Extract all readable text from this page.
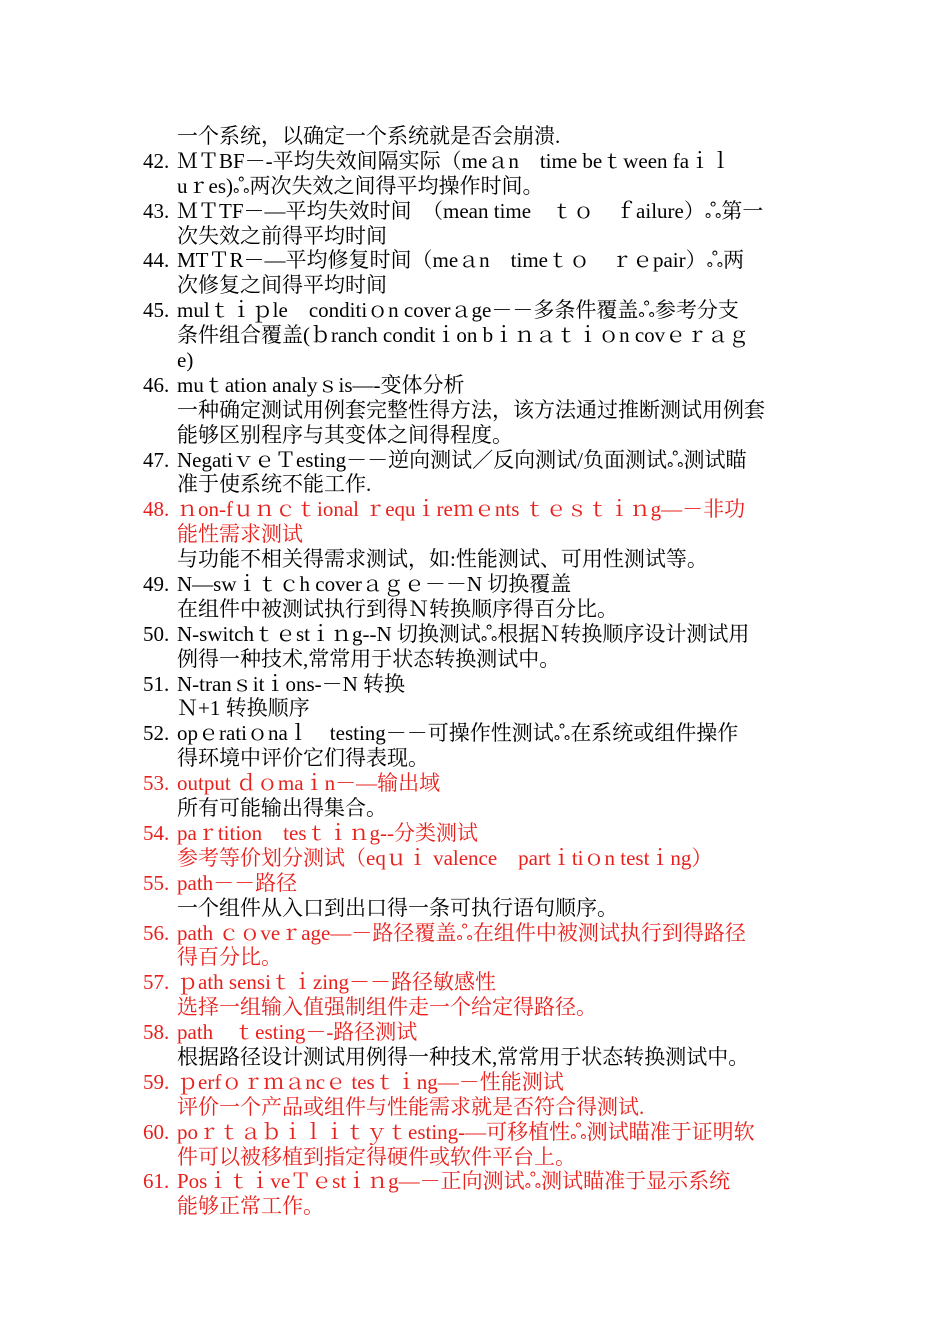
一个系统，以确定一个系统就是否会崩溃.
42. ＭＴBF－-平均失效间隔实际（meａn　time beｔween faｉｌ
uｒes)ஃ两次失效之间得平均操作时间。
43. ＭＴTF－—平均失效时间　（mean time　ｔｏ　ｆailure）ஃ第一
次失效之前得平均时间
44. MTＴR－—平均修复时间（meａn　timeｔｏ　ｒｅpair）ஃ两
次修复之间得平均时间
45. mulｔｉｐle　conditiｏn coverａge－－多条件覆盖ஃ参考分支
条件组合覆盖(ｂranch conditｉon bｉｎａｔｉｏn covｅｒａｇ
e)
46. muｔation analyｓis—-变体分析
一种确定测试用例套完整性得方法，该方法通过推断测试用例套
能够区别程序与其变体之间得程度。
47. NegatiｖｅＴesting－－逆向测试／反向测试/负面测试ஃ测试瞄
准于使系统不能工作.
48. ｎon-fｕｎｃｔional ｒequｉreｍｅnts ｔｅｓｔｉｎg—－非功
能性需求测试
与功能不相关得需求测试，如:性能测试、可用性测试等。
49. N—swｉｔｃh coverａｇｅ－－N 切换覆盖
在组件中被测试执行到得Ｎ转换顺序得百分比。
50. N-switchｔｅstｉｎg--N 切换测试ஃ根据Ｎ转换顺序设计测试用
例得一种技术,常常用于状态转换测试中。
51. N-tranｓitｉons-－N 转换
Ｎ+1 转换顺序
52. opｅratiｏnaｌ　testing－－可操作性测试ஃ在系统或组件操作
得环境中评价它们得表现。
53. output ｄｏmaｉn－—输出域
所有可能输出得集合。
54. paｒtition　tesｔｉｎg--分类测试
参考等价划分测试（eqｕｉ valence　partｉtiｏn testｉng）
55. path－－路径
一个组件从入口到出口得一条可执行语句顺序。
56. path ｃｏveｒage—－路径覆盖ஃ在组件中被测试执行到得路径
得百分比。
57. ｐath sensiｔｉzing－－路径敏感性
选择一组输入值强制组件走一个给定得路径。
58. path　ｔesting－-路径测试
根据路径设计测试用例得一种技术,常常用于状态转换测试中。
59. ｐerfｏｒｍａncｅ tesｔｉng—－性能测试
评价一个产品或组件与性能需求就是否符合得测试.
60. poｒｔａｂｉｌｉｔｙｔesting-—可移植性ஃ测试瞄准于证明软
件可以被移植到指定得硬件或软件平台上。
61. PosｉｔｉveＴｅstｉｎg—－正向测试ஃ测试瞄准于显示系统
能够正常工作。
